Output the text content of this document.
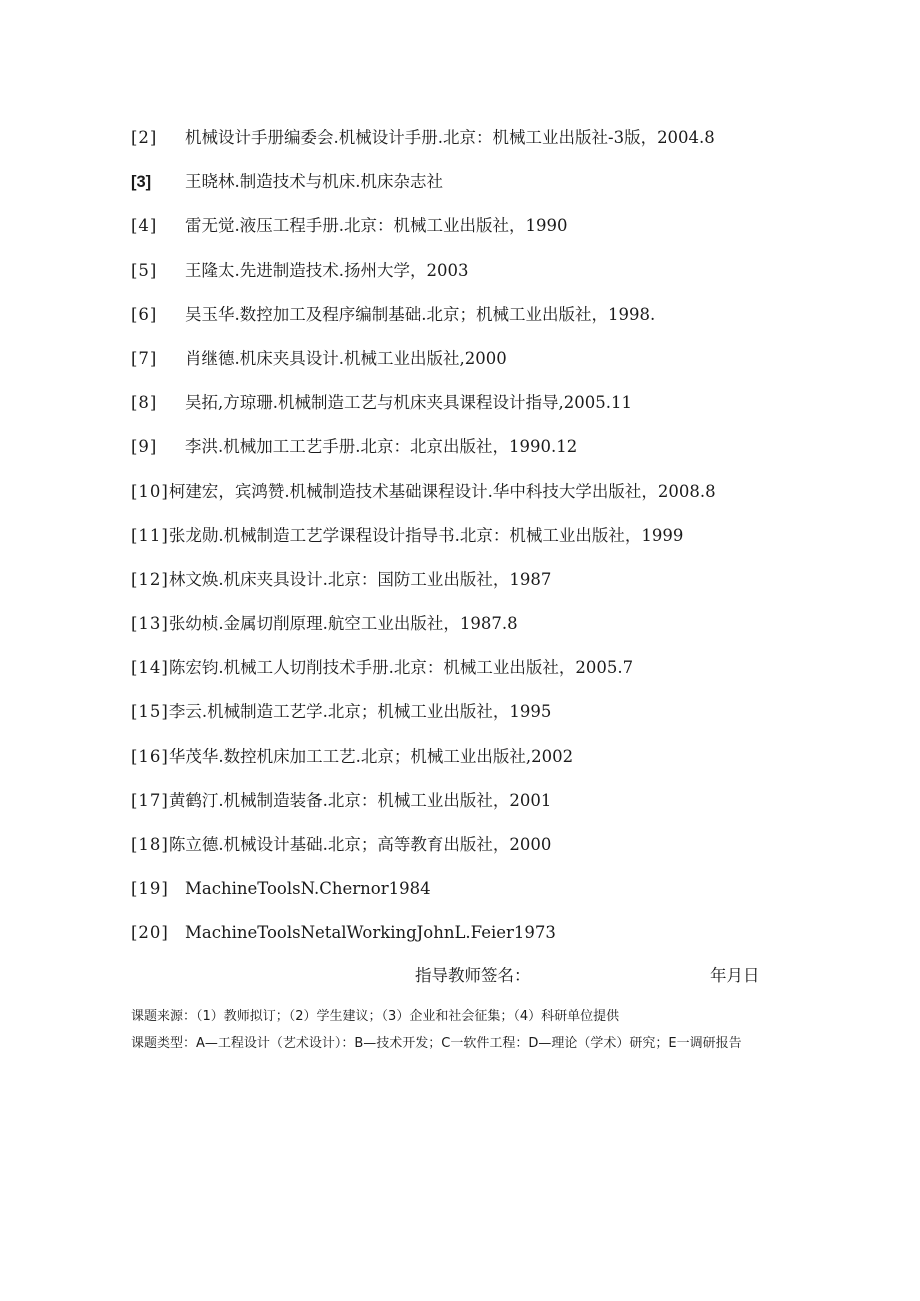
[2]	机械设计手册编委会.机械设计手册.北京：机械工业出版社-3版，2004.8
[3]	王晓林.制造技术与机床.机床杂志社
[4]	雷无觉.液压工程手册.北京：机械工业出版社，1990
[5]	王隆太.先进制造技术.扬州大学，2003
[6]	吴玉华.数控加工及程序编制基础.北京；机械工业出版社，1998.
[7]	肖继德.机床夹具设计.机械工业出版社,2000
[8]	吴拓,方琼珊.机械制造工艺与机床夹具课程设计指导,2005.11
[9]	李洪.机械加工工艺手册.北京：北京出版社，1990.12
[10] 柯建宏，宾鸿赞.机械制造技术基础课程设计.华中科技大学出版社，2008.8
[11] 张龙勋.机械制造工艺学课程设计指导书.北京：机械工业出版社，1999
[12] 林文焕.机床夹具设计.北京：国防工业出版社，1987
[13] 张幼桢.金属切削原理.航空工业出版社，1987.8
[14] 陈宏钧.机械工人切削技术手册.北京：机械工业出版社，2005.7
[15] 李云.机械制造工艺学.北京；机械工业出版社，1995
[16] 华茂华.数控机床加工工艺.北京；机械工业出版社,2002
[17] 黄鹤汀.机械制造装备.北京：机械工业出版社，2001
[18] 陈立德.机械设计基础.北京；高等教育出版社，2000
[19] MachineToolsN.Chernor1984
[20] MachineToolsNetalWorkingJohnL.Feier1973
指导教师签名：	年月日
课题来源：（1）教师拟订；（2）学生建议；（3）企业和社会征集；（4）科研单位提供
课题类型：A—工程设计（艺术设计）：B—技术开发；C一软件工程：D—理论（学术）研究；E一调研报告
